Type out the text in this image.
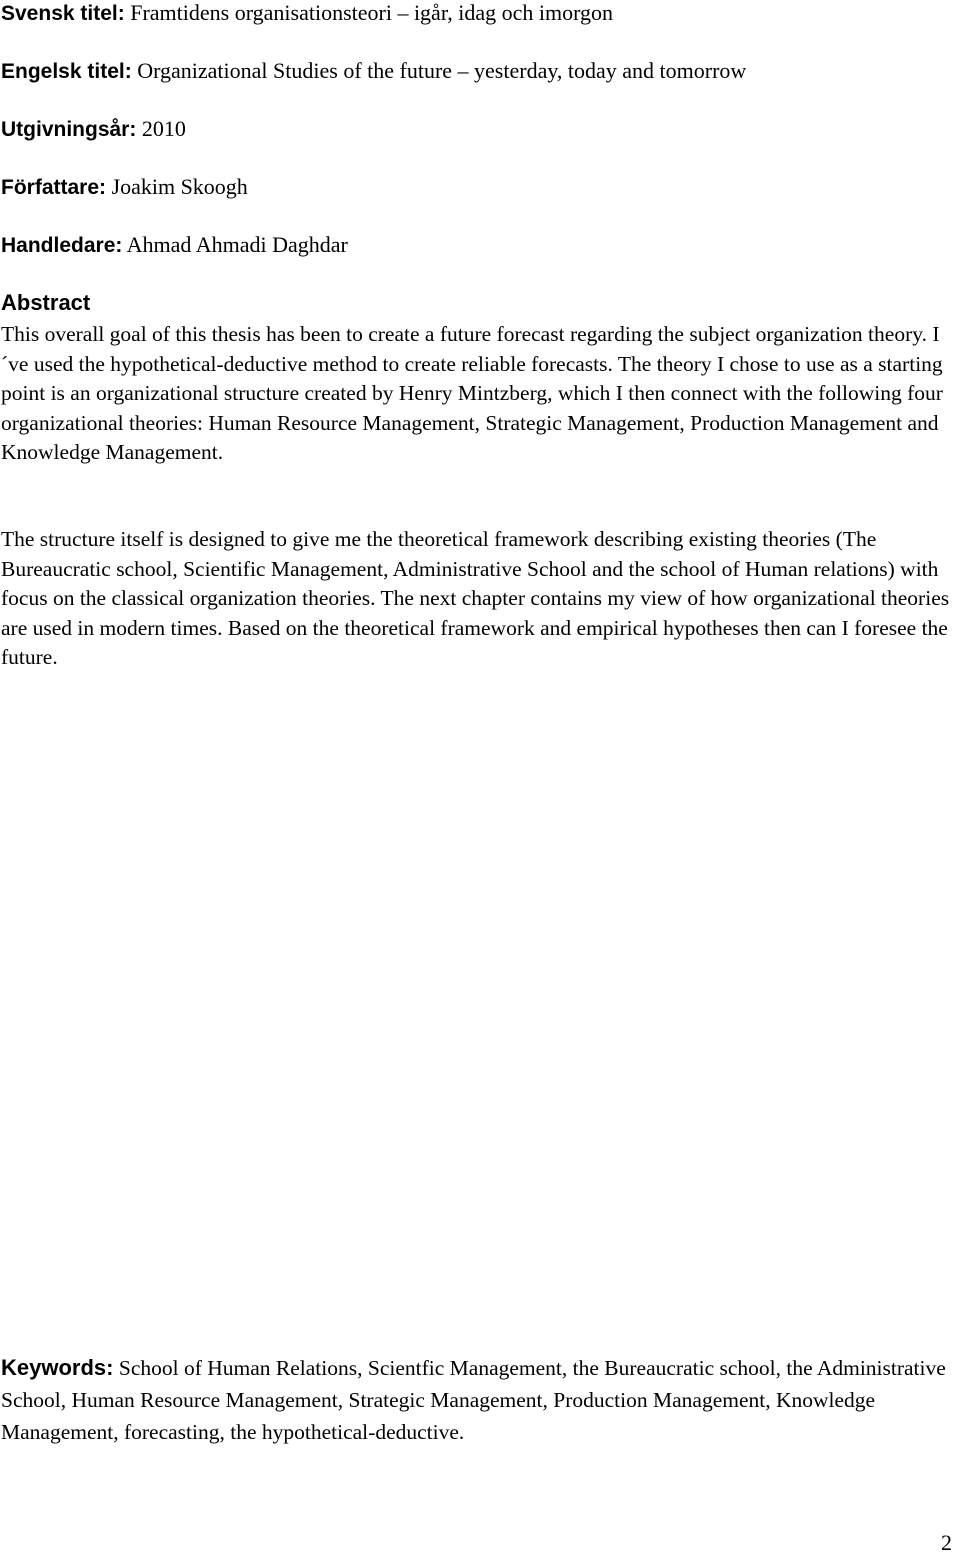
Svensk titel: Framtidens organisationsteori – igår, idag och imorgon
Engelsk titel: Organizational Studies of the future – yesterday, today and tomorrow
Utgivningsår: 2010
Författare: Joakim Skoogh
Handledare: Ahmad Ahmadi Daghdar
Abstract

This overall goal of this thesis has been to create a future forecast regarding the subject organization theory. I´ve used the hypothetical-deductive method to create reliable forecasts. The theory I chose to use as a starting point is an organizational structure created by Henry Mintzberg, which I then connect with the following four organizational theories: Human Resource Management, Strategic Management, Production Management and Knowledge Management.

The structure itself is designed to give me the theoretical framework describing existing theories (The Bureaucratic school, Scientific Management, Administrative School and the school of Human relations) with focus on the classical organization theories. The next chapter contains my view of how organizational theories are used in modern times. Based on the theoretical framework and empirical hypotheses then can I foresee the future.

Keywords: School of Human Relations, Scientfic Management, the Bureaucratic school, the Administrative School, Human Resource Management, Strategic Management, Production Management, Knowledge Management, forecasting, the hypothetical-deductive.

2
